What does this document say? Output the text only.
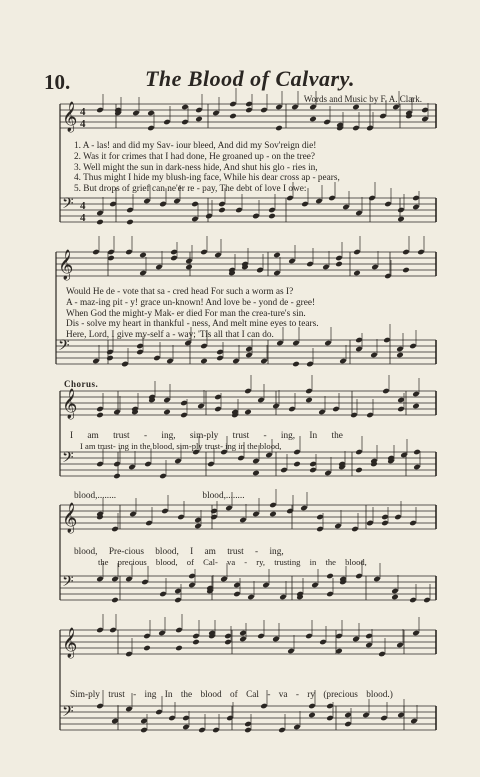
10.	The Blood of Calvary.
Words and Music by F. A. Clark.
𝄞
𝄢
𝄞
𝄢
𝄞
𝄢
𝄞
𝄢
𝄞
𝄢
4
4
4
4
1. A - las! and did my Sav- iour bleed, And did my Sov'reign die!
2. Was it for crimes that I had done, He groaned up - on the tree?
3. Well might the sun in dark-ness hide, And shut his glo - ries in,
4. Thus might I hide my blush-ing face, While his dear cross ap - pears,
5. But drops of grief can ne'er re - pay, The debt of love I owe:
Would He de - vote that sa - cred head For such a worm as I?
A - maz-ing pit - y! grace un-known! And love be - yond de - gree!
When God the might-y Mak- er died For man the crea-ture's sin.
Dis - solve my heart in thankful - ness, And melt mine eyes to tears.
Here, Lord, I give my-self a - way; 'Tis all that I can do.
Chorus.
I am trust - ing, sim-ply trust - ing, In the
I am trust- ing in the blood, sim-ply trust- ing in the blood,
blood,........ blood,........
blood, Pre-cious blood, I am trust - ing,
the precious blood, of Cal- va - ry, trusting in the blood,
Sim-ply trust - ing In the blood of Cal - va - ry (precious blood.)
